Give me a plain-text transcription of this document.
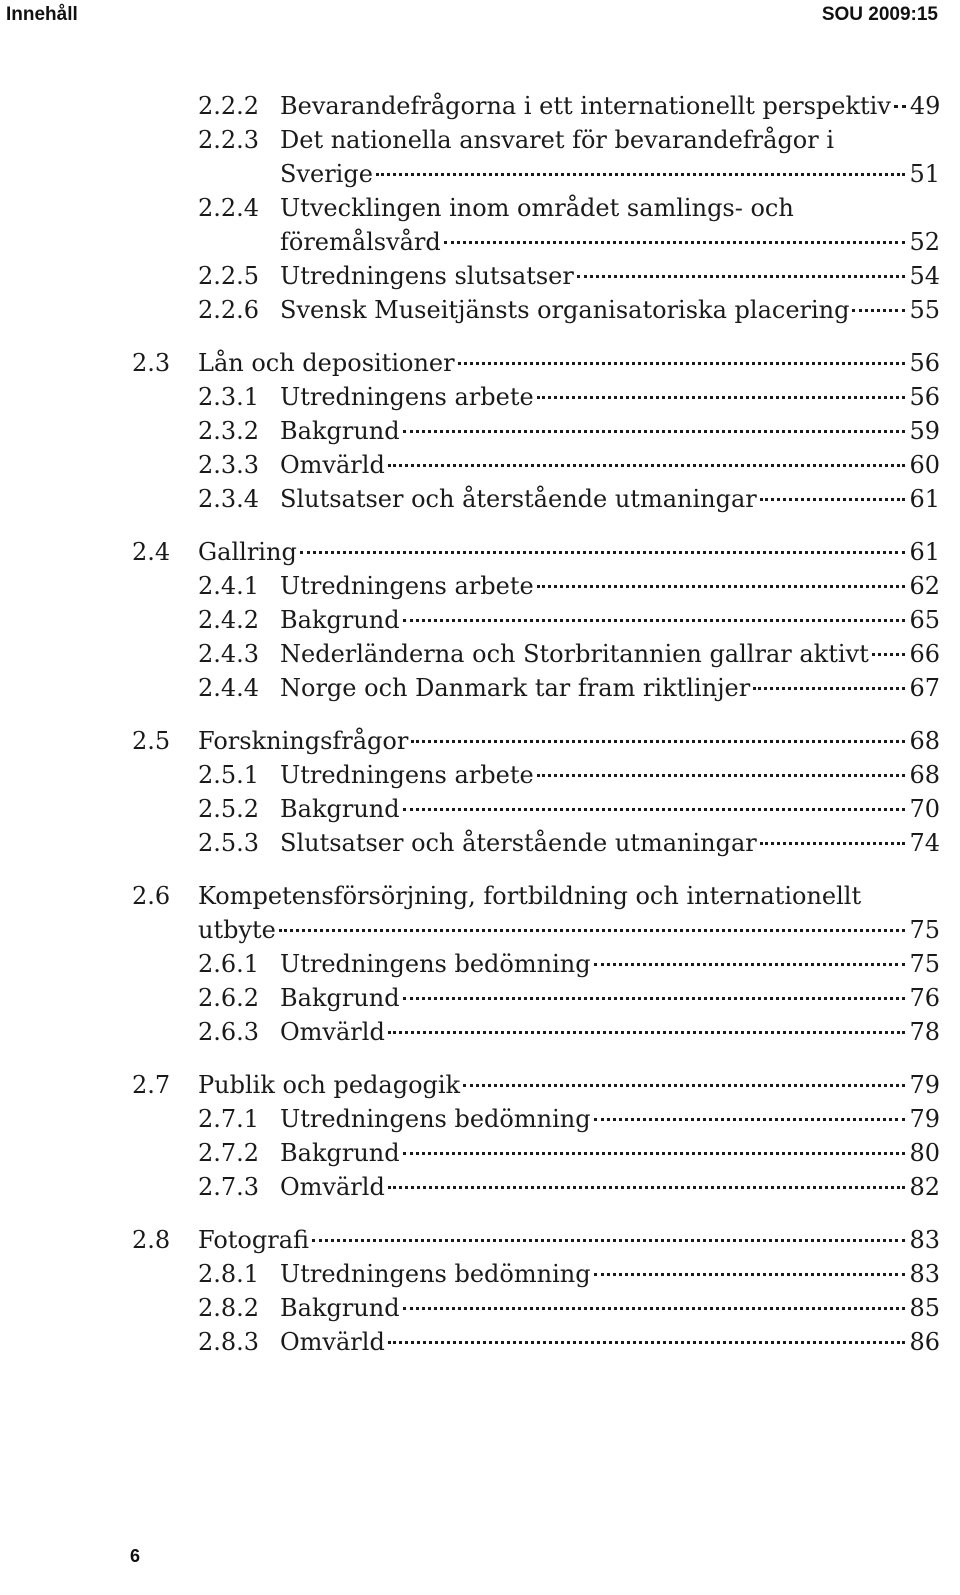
Innehåll	SOU 2009:15
2.2.2 Bevarandefrågorna i ett internationellt perspektiv 49
2.2.3 Det nationella ansvaret för bevarandefrågor i
Sverige	51
2.2.4 Utvecklingen inom området samlings- och
föremålsvård	52
2.2.5 Utredningens slutsatser	54
2.2.6 Svensk Museitjänsts organisatoriska placering 55
2.3	Lån och depositioner	56
2.3.1 Utredningens arbete	56
2.3.2 Bakgrund	59
2.3.3 Omvärld	60
2.3.4 Slutsatser och återstående utmaningar	61
2.4	Gallring	61
2.4.1 Utredningens arbete	62
2.4.2 Bakgrund	65
2.4.3 Nederländerna och Storbritannien gallrar aktivt 66
2.4.4 Norge och Danmark tar fram riktlinjer	67
2.5	Forskningsfrågor	68
2.5.1 Utredningens arbete	68
2.5.2 Bakgrund	70
2.5.3 Slutsatser och återstående utmaningar	74
2.6	Kompetensförsörjning, fortbildning och internationellt
utbyte	75
2.6.1 Utredningens bedömning	75
2.6.2 Bakgrund	76
2.6.3 Omvärld	78
2.7	Publik och pedagogik	79
2.7.1 Utredningens bedömning	79
2.7.2 Bakgrund	80
2.7.3 Omvärld	82
2.8	Fotografi	83
2.8.1 Utredningens bedömning	83
2.8.2 Bakgrund	85
2.8.3 Omvärld	86
6
